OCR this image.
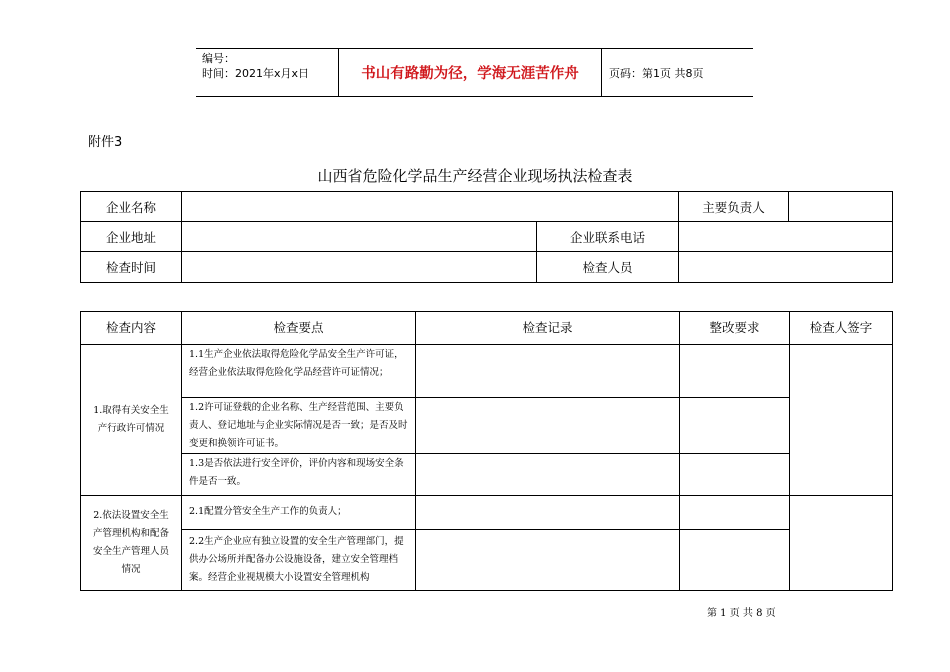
编号：
时间：2021年x月x日	书山有路勤为径，学海无涯苦作舟	页码：第1页 共8页
附件3
山西省危险化学品生产经营企业现场执法检查表
企业名称			主要负责人	
企业地址		企业联系电话		
检查时间		检查人员		
检查内容	检查要点	检查记录	整改要求	检查人签字
1.取得有关安全生产行政许可情况	1.1生产企业依法取得危险化学品安全生产许可证，经营企业依法取得危险化学品经营许可证情况；			
	1.2许可证登载的企业名称、生产经营范围、主要负责人、登记地址与企业实际情况是否一致；是否及时变更和换领许可证书。			
	1.3是否依法进行安全评价，评价内容和现场安全条件是否一致。			
2.依法设置安全生产管理机构和配备安全生产管理人员情况	2.1配置分管安全生产工作的负责人；			
	2.2生产企业应有独立设置的安全生产管理部门，提供办公场所并配备办公设施设备，建立安全管理档案。经营企业视规模大小设置安全管理机构			
第 1 页 共 8 页
